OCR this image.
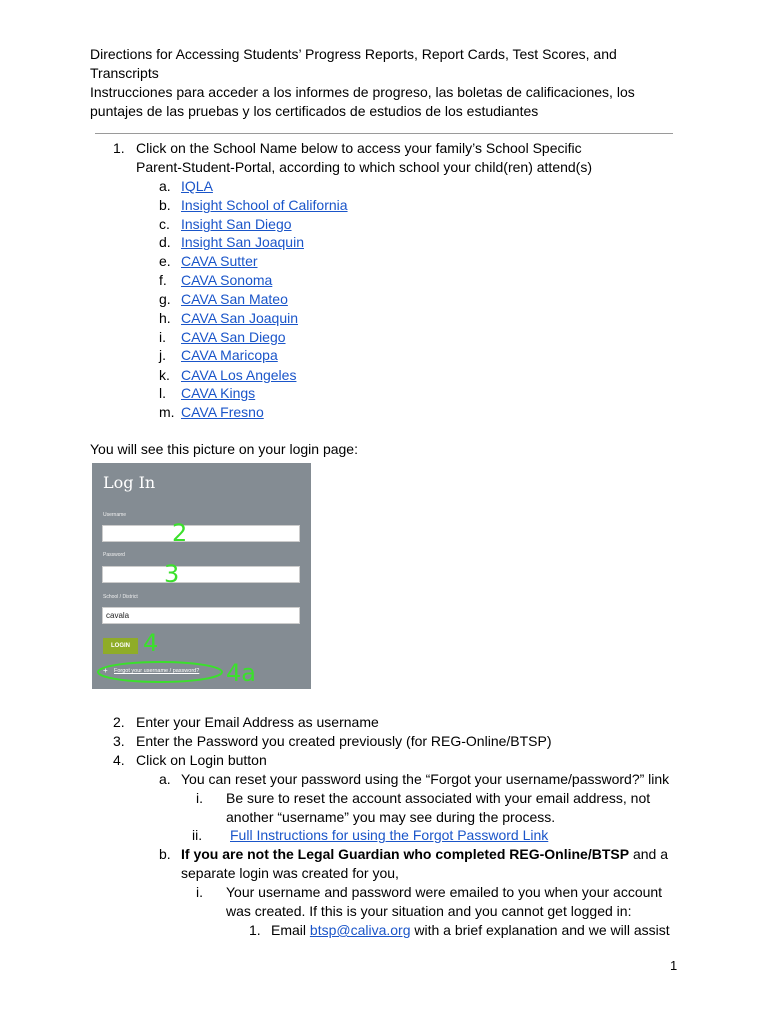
Directions for Accessing Students’ Progress Reports, Report Cards, Test Scores, and
Transcripts
Instrucciones para acceder a los informes de progreso, las boletas de calificaciones, los
puntajes de las pruebas y los certificados de estudios de los estudiantes
1. Click on the School Name below to access your family’s School Specific
Parent-Student-Portal, according to which school your child(ren) attend(s)
a. IQLA
b. Insight School of California
c. Insight San Diego
d. Insight San Joaquin
e. CAVA Sutter
f. CAVA Sonoma
g. CAVA San Mateo
h. CAVA San Joaquin
i. CAVA San Diego
j. CAVA Maricopa
k. CAVA Los Angeles
l. CAVA Kings
m. CAVA Fresno
You will see this picture on your login page:
Log In
Username
Password
School / District
cavala
LOGIN
+ Forgot your username / password?
2
3
4
4a
2. Enter your Email Address as username
3. Enter the Password you created previously (for REG-Online/BTSP)
4. Click on Login button
a. You can reset your password using the “Forgot your username/password?” link
i. Be sure to reset the account associated with your email address, not
another “username” you may see during the process.
ii. Full Instructions for using the Forgot Password Link
b. If you are not the Legal Guardian who completed REG-Online/BTSP and a
separate login was created for you,
i. Your username and password were emailed to you when your account
was created. If this is your situation and you cannot get logged in:
1. Email btsp@caliva.org with a brief explanation and we will assist
1
